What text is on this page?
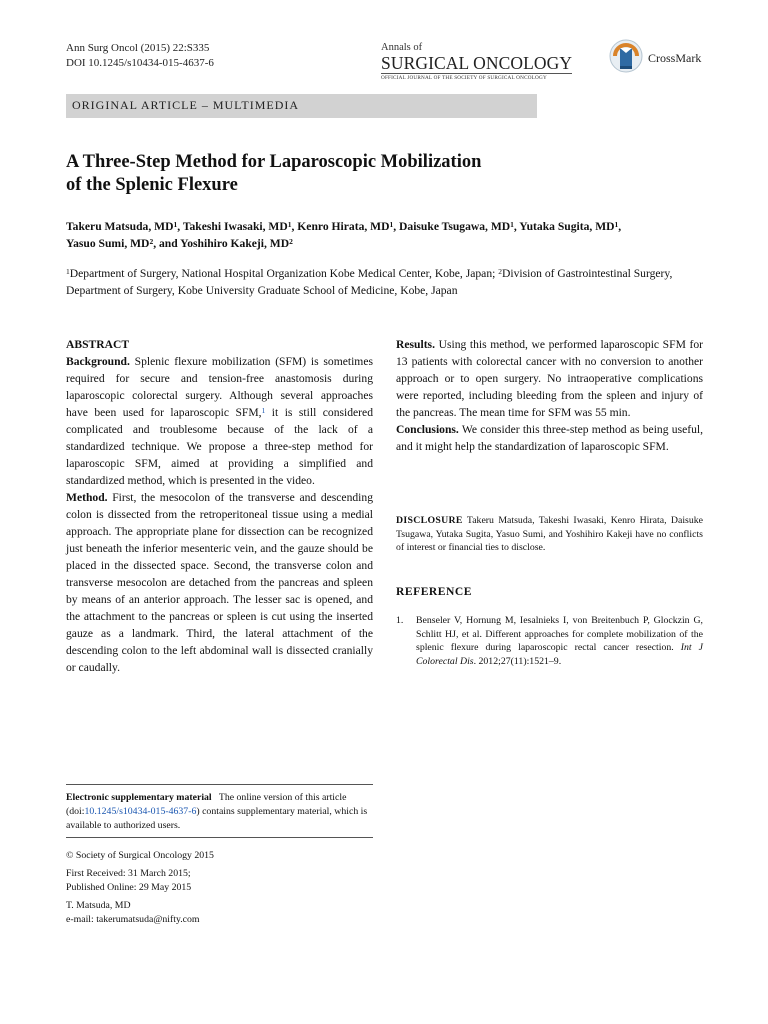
Ann Surg Oncol (2015) 22:S335
DOI 10.1245/s10434-015-4637-6
Annals of
SURGICAL ONCOLOGY
OFFICIAL JOURNAL OF THE SOCIETY OF SURGICAL ONCOLOGY
CrossMark
ORIGINAL ARTICLE – MULTIMEDIA
A Three-Step Method for Laparoscopic Mobilization
of the Splenic Flexure
Takeru Matsuda, $MD^1$, Takeshi Iwasaki, $MD^1$, Kenro Hirata, $MD^1$, Daisuke Tsugawa, $MD^1$, Yutaka Sugita, $MD^1$,
Yasuo Sumi, $MD^2$, and Yoshihiro Kakeji, $MD^2$
$^1$Department of Surgery, National Hospital Organization Kobe Medical Center, Kobe, Japan; $^2$Division of Gastrointestinal Surgery, Department of Surgery, Kobe University Graduate School of Medicine, Kobe, Japan

ABSTRACT

Background. Splenic flexure mobilization (SFM) is sometimes required for secure and tension-free anastomosis during laparoscopic colorectal surgery. Although several approaches have been used for laparoscopic SFM,$^1$ it is still considered complicated and troublesome because of the lack of a standardized technique. We propose a three-step method for laparoscopic SFM, aimed at providing a simplified and standardized method, which is presented in the video.

Method. First, the mesocolon of the transverse and descending colon is dissected from the retroperitoneal tissue using a medial approach. The appropriate plane for dissection can be recognized just beneath the inferior mesenteric vein, and the gauze should be placed in the dissected space. Second, the transverse colon and transverse mesocolon are detached from the pancreas and spleen by means of an anterior approach. The lesser sac is opened, and the attachment to the pancreas or spleen is cut using the inserted gauze as a landmark. Third, the lateral attachment of the descending colon to the left abdominal wall is dissected cranially or caudally.

Results. Using this method, we performed laparoscopic SFM for 13 patients with colorectal cancer with no conversion to another approach or to open surgery. No intraoperative complications were reported, including bleeding from the spleen and injury of the pancreas. The mean time for SFM was 55 min.

Conclusions. We consider this three-step method as being useful, and it might help the standardization of laparoscopic SFM.

DISCLOSURE Takeru Matsuda, Takeshi Iwasaki, Kenro Hirata, Daisuke Tsugawa, Yutaka Sugita, Yasuo Sumi, and Yoshihiro Kakeji have no conflicts of interest or financial ties to disclose.
REFERENCE
1.	Benseler V, Hornung M, Iesalnieks I, von Breitenbuch P, Glockzin G, Schlitt HJ, et al. Different approaches for complete mobilization of the splenic flexure during laparoscopic rectal cancer resection. Int J Colorectal Dis. 2012;27(11):1521–9.
Electronic supplementary material   The online version of this article (doi:10.1245/s10434-015-4637-6) contains supplementary material, which is available to authorized users.
© Society of Surgical Oncology 2015
First Received: 31 March 2015;
Published Online: 29 May 2015
T. Matsuda, MD
e-mail: takerumatsuda@nifty.com
